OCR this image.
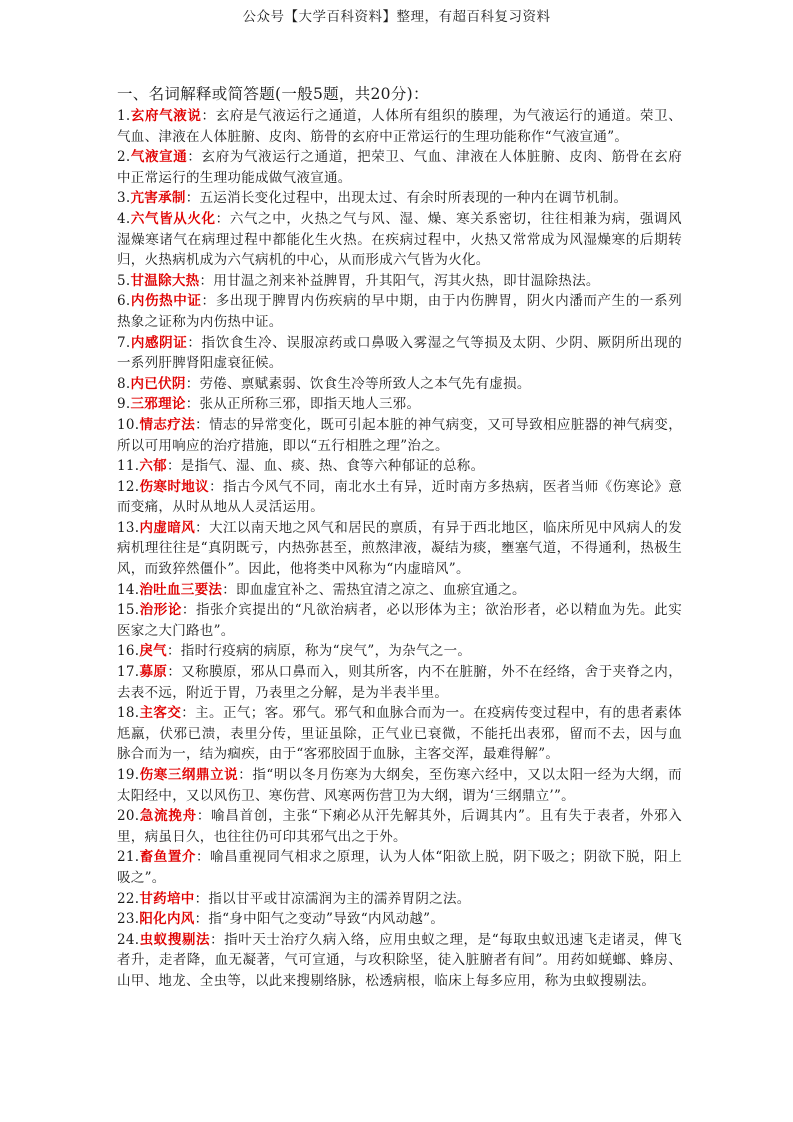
公众号【大学百科资料】整理，有超百科复习资料
一、名词解释或简答题(一般5题，共20分)：

1.玄府气液说：玄府是气液运行之通道，人体所有组织的腠理，为气液运行的通道。荣卫、气血、津液在人体脏腑、皮肉、筋骨的玄府中正常运行的生理功能称作“气液宣通”。

2.气液宣通：玄府为气液运行之通道，把荣卫、气血、津液在人体脏腑、皮肉、筋骨在玄府中正常运行的生理功能成做气液宣通。

3.亢害承制：五运消长变化过程中，出现太过、有余时所表现的一种内在调节机制。

4.六气皆从火化：六气之中，火热之气与风、湿、燥、寒关系密切，往往相兼为病，强调风湿燥寒诸气在病理过程中都能化生火热。在疾病过程中，火热又常常成为风湿燥寒的后期转归，火热病机成为六气病机的中心，从而形成六气皆为火化。

5.甘温除大热：用甘温之剂来补益脾胃，升其阳气，泻其火热，即甘温除热法。

6.内伤热中证：多出现于脾胃内伤疾病的早中期，由于内伤脾胃，阴火内潘而产生的一系列热象之证称为内伤热中证。

7.内感阴证：指饮食生冷、误服凉药或口鼻吸入雾湿之气等损及太阴、少阴、厥阴所出现的一系列肝脾肾阳虚衰征候。

8.内已伏阴：劳倦、禀赋素弱、饮食生冷等所致人之本气先有虚损。

9.三邪理论：张从正所称三邪，即指天地人三邪。

10.情志疗法：情志的异常变化，既可引起本脏的神气病变，又可导致相应脏器的神气病变，所以可用响应的治疗措施，即以“五行相胜之理”治之。

11.六郁：是指气、湿、血、痰、热、食等六种郁证的总称。

12.伤寒时地议：指古今风气不同，南北水土有异，近时南方多热病，医者当师《伤寒论》意而变痛，从时从地从人灵活运用。

13.内虚暗风：大江以南天地之风气和居民的禀质，有异于西北地区，临床所见中风病人的发病机理往往是“真阴既亏，内热弥甚至，煎熬津液，凝结为痰，壅塞气道，不得通利，热极生风，而致猝然僵仆”。因此，他将类中风称为“内虚暗风”。

14.治吐血三要法：即血虚宜补之、需热宜清之凉之、血瘀宜通之。

15.治形论：指张介宾提出的“凡欲治病者，必以形体为主；欲治形者，必以精血为先。此实医家之大门路也”。

16.戾气：指时行疫病的病原，称为“戾气”，为杂气之一。

17.募原：又称膜原，邪从口鼻而入，则其所客，内不在脏腑，外不在经络，舍于夹脊之内，去表不远，附近于胃，乃表里之分解，是为半表半里。

18.主客交：主。正气；客。邪气。邪气和血脉合而为一。在疫病传变过程中，有的患者素体尪羸，伏邪已溃，表里分传，里证虽除，正气业已衰微，不能托出表邪，留而不去，因与血脉合而为一，结为痼疾，由于“客邪胶固于血脉，主客交浑，最难得解”。

19.伤寒三纲鼎立说：指“明以冬月伤寒为大纲矣，至伤寒六经中，又以太阳一经为大纲，而太阳经中，又以风伤卫、寒伤营、风寒两伤营卫为大纲，谓为‘三纲鼎立’”。

20.急流挽舟：喻昌首创，主张“下痢必从汗先解其外，后调其内”。且有失于表者，外邪入里，病虽日久，也往往仍可印其邪气出之于外。

21.畜鱼置介：喻昌重视同气相求之原理，认为人体“阳欲上脱，阴下吸之；阴欲下脱，阳上吸之”。

22.甘药培中：指以甘平或甘凉濡润为主的濡养胃阴之法。

23.阳化内风：指“身中阳气之变动”导致“内风动越”。

24.虫蚁搜剔法：指叶天士治疗久病入络，应用虫蚁之理，是“每取虫蚁迅速飞走诸灵，俾飞者升，走者降，血无凝著，气可宣通，与攻积除坚，徒入脏腑者有间”。用药如蜣螂、蜂房、山甲、地龙、全虫等，以此来搜剔络脉，松透病根，临床上每多应用，称为虫蚁搜剔法。
